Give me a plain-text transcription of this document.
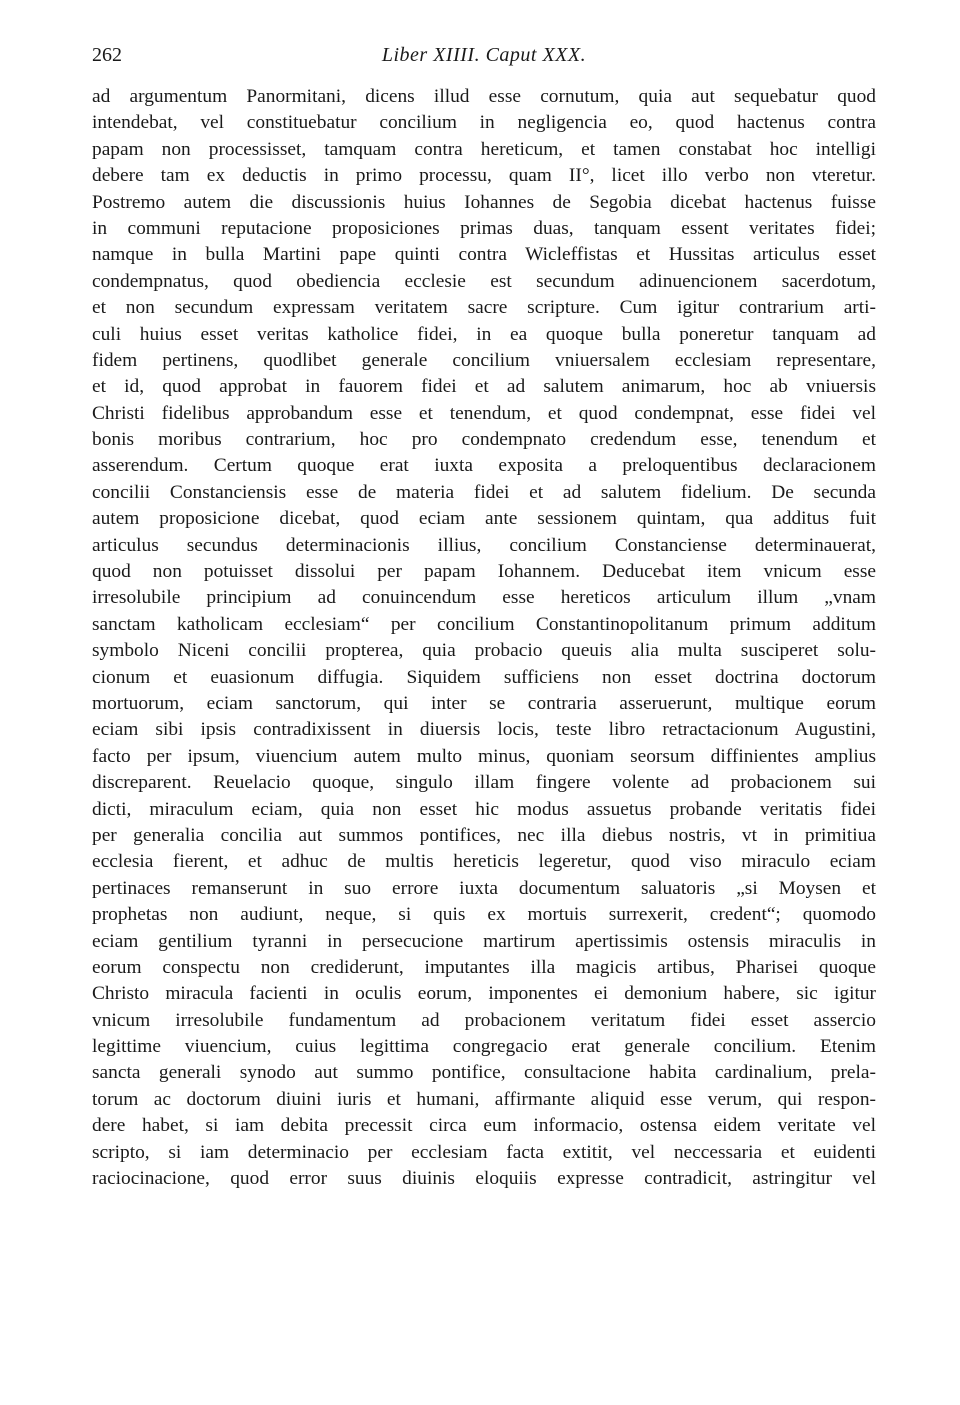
262	Liber XIIII. Caput XXX.
ad argumentum Panormitani, dicens illud esse cornutum, quia aut sequebatur quod
intendebat, vel constituebatur concilium in negligencia eo, quod hactenus contra
papam non processisset, tamquam contra hereticum, et tamen constabat hoc intelligi
debere tam ex deductis in primo processu, quam II°, licet illo verbo non vteretur.
Postremo autem die discussionis huius Iohannes de Segobia dicebat hactenus fuisse
in communi reputacione proposiciones primas duas, tanquam essent veritates fidei;
namque in bulla Martini pape quinti contra Wicleffistas et Hussitas articulus esset
condempnatus, quod obediencia ecclesie est secundum adinuencionem sacerdotum,
et non secundum expressam veritatem sacre scripture. Cum igitur contrarium arti-
culi huius esset veritas katholice fidei, in ea quoque bulla poneretur tanquam ad
fidem pertinens, quodlibet generale concilium vniuersalem ecclesiam representare,
et id, quod approbat in fauorem fidei et ad salutem animarum, hoc ab vniuersis
Christi fidelibus approbandum esse et tenendum, et quod condempnat, esse fidei vel
bonis moribus contrarium, hoc pro condempnato credendum esse, tenendum et
asserendum. Certum quoque erat iuxta exposita a preloquentibus declaracionem
concilii Constanciensis esse de materia fidei et ad salutem fidelium. De secunda
autem proposicione dicebat, quod eciam ante sessionem quintam, qua additus fuit
articulus secundus determinacionis illius, concilium Constanciense determinauerat,
quod non potuisset dissolui per papam Iohannem. Deducebat item vnicum esse
irresolubile principium ad conuincendum esse hereticos articulum illum „vnam
sanctam katholicam ecclesiam“ per concilium Constantinopolitanum primum additum
symbolo Niceni concilii propterea, quia probacio queuis alia multa susciperet solu-
cionum et euasionum diffugia. Siquidem sufficiens non esset doctrina doctorum
mortuorum, eciam sanctorum, qui inter se contraria asseruerunt, multique eorum
eciam sibi ipsis contradixissent in diuersis locis, teste libro retractacionum Augustini,
facto per ipsum, viuencium autem multo minus, quoniam seorsum diffinientes amplius
discreparent. Reuelacio quoque, singulo illam fingere volente ad probacionem sui
dicti, miraculum eciam, quia non esset hic modus assuetus probande veritatis fidei
per generalia concilia aut summos pontifices, nec illa diebus nostris, vt in primitiua
ecclesia fierent, et adhuc de multis hereticis legeretur, quod viso miraculo eciam
pertinaces remanserunt in suo errore iuxta documentum saluatoris „si Moysen et
prophetas non audiunt, neque, si quis ex mortuis surrexerit, credent“; quomodo
eciam gentilium tyranni in persecucione martirum apertissimis ostensis miraculis in
eorum conspectu non crediderunt, imputantes illa magicis artibus, Pharisei quoque
Christo miracula facienti in oculis eorum, imponentes ei demonium habere, sic igitur
vnicum irresolubile fundamentum ad probacionem veritatum fidei esset assercio
legittime viuencium, cuius legittima congregacio erat generale concilium. Etenim
sancta generali synodo aut summo pontifice, consultacione habita cardinalium, prela-
torum ac doctorum diuini iuris et humani, affirmante aliquid esse verum, qui respon-
dere habet, si iam debita precessit circa eum informacio, ostensa eidem veritate vel
scripto, si iam determinacio per ecclesiam facta extitit, vel neccessaria et euidenti
raciocinacione, quod error suus diuinis eloquiis expresse contradicit, astringitur vel
